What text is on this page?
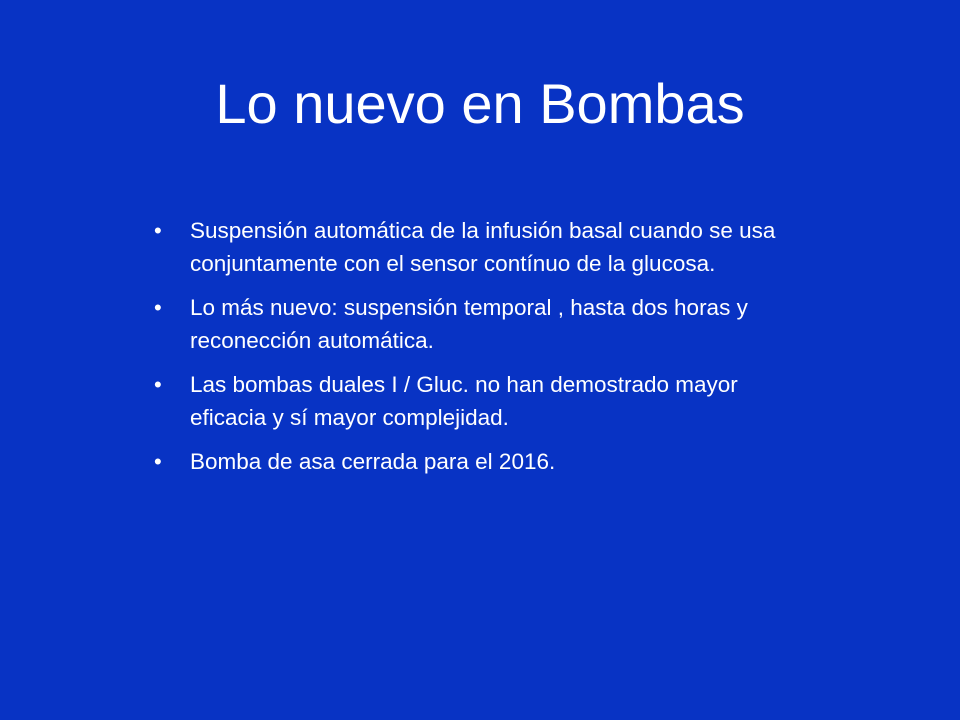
Lo nuevo en Bombas
• Suspensión automática de la infusión basal cuando se usa conjuntamente con el sensor contínuo de la glucosa.
• Lo más nuevo: suspensión temporal , hasta dos horas y reconección automática.
• Las bombas duales I / Gluc. no han demostrado mayor eficacia y sí mayor complejidad.
• Bomba de asa cerrada para el 2016.
